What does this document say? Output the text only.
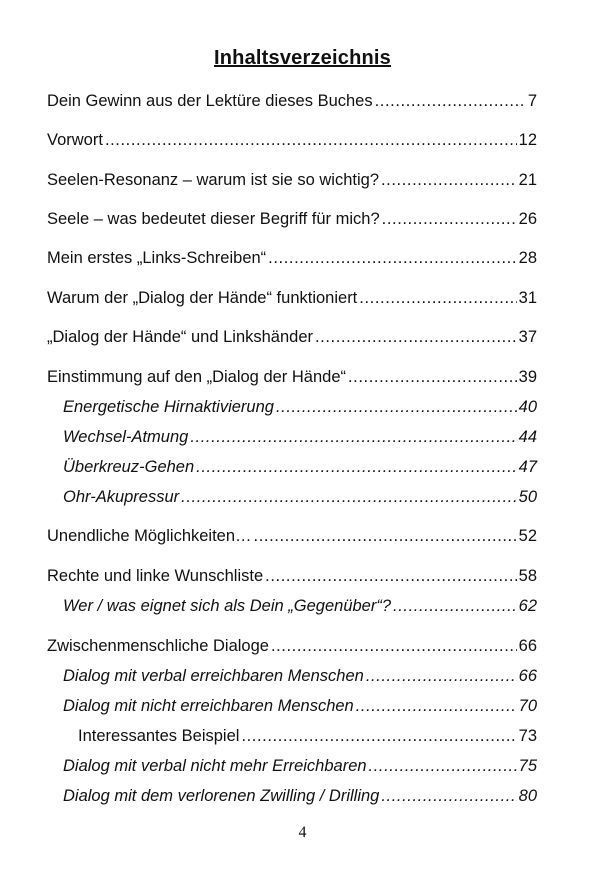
Inhaltsverzeichnis
Dein Gewinn aus der Lektüre dieses Buches .....	7
Vorwort .....	12
Seelen-Resonanz – warum ist sie so wichtig? .....	21
Seele – was bedeutet dieser Begriff für mich? .....	26
Mein erstes „Links-Schreiben“ .....	28
Warum der „Dialog der Hände“ funktioniert .....	31
„Dialog der Hände“ und Linkshänder .....	37
Einstimmung auf den „Dialog der Hände“ .....	39
Energetische Hirnaktivierung .....	40
Wechsel-Atmung .....	44
Überkreuz-Gehen .....	47
Ohr-Akupressur .....	50
Unendliche Möglichkeiten… .....	52
Rechte und linke Wunschliste .....	58
Wer / was eignet sich als Dein „Gegenüber“? .....	62
Zwischenmenschliche Dialoge .....	66
Dialog mit verbal erreichbaren Menschen .....	66
Dialog mit nicht erreichbaren Menschen .....	70
Interessantes Beispiel .....	73
Dialog mit verbal nicht mehr Erreichbaren .....	75
Dialog mit dem verlorenen Zwilling / Drilling .....	80
4
